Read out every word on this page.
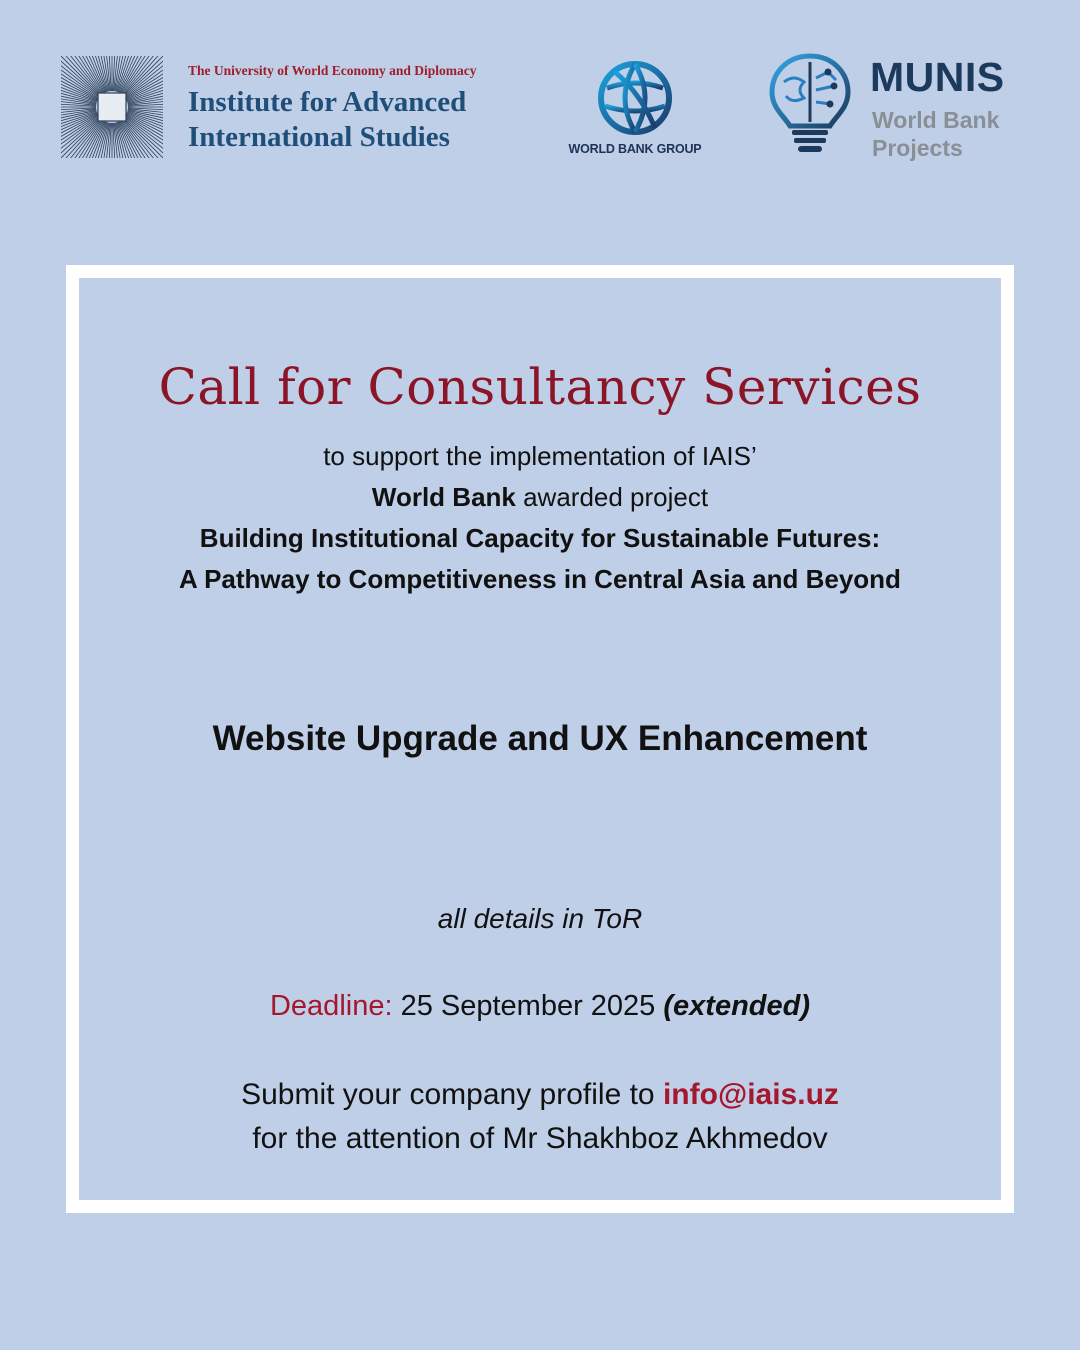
The University of World Economy and Diplomacy
Institute for Advanced
International Studies	WORLD BANK GROUP
MUNIS
World Bank
Projects
Call for Consultancy Services
to support the implementation of IAIS’
World Bank awarded project
Building Institutional Capacity for Sustainable Futures:
A Pathway to Competitiveness in Central Asia and Beyond
Website Upgrade and UX Enhancement
all details in ToR
Deadline: 25 September 2025 (extended)
Submit your company profile to info@iais.uz
for the attention of Mr Shakhboz Akhmedov
